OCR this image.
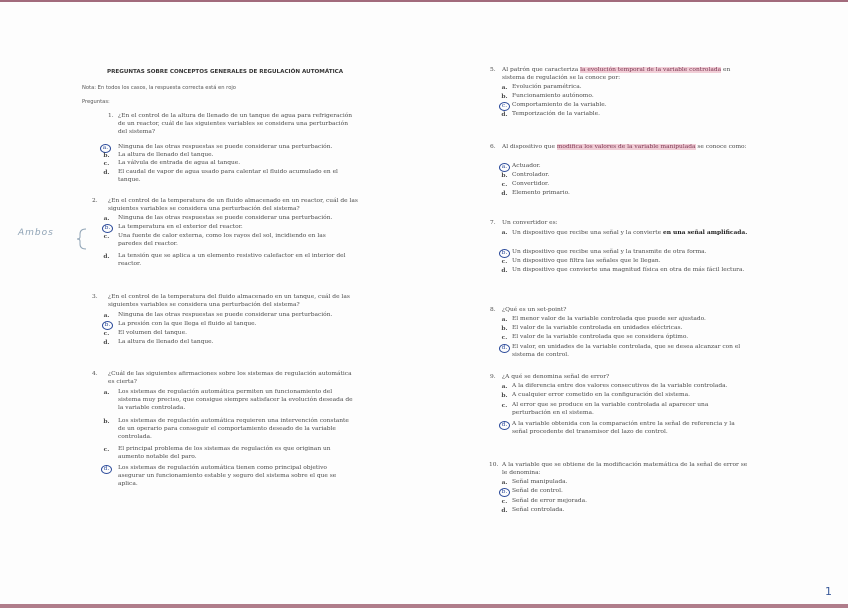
PREGUNTAS SOBRE CONCEPTOS GENERALES DE REGULACIÓN AUTOMÁTICA
Nota: En todos los casos, la respuesta correcta está en rojo
Preguntas:
Ambos
1. ¿En el control de la altura de llenado de un tanque de agua para refrigeración de un reactor, cuál de las siguientes variables se considera una perturbación del sistema?
a.	Ninguna de las otras respuestas se puede considerar una perturbación.
b. La altura de llenado del tanque.
c. La válvula de entrada de agua al tanque.
d. El caudal de vapor de agua usado para calentar el fluido acumulado en el tanque.
2. ¿En el control de la temperatura de un fluido almacenado en un reactor, cuál de las siguientes variables se considera una perturbación del sistema?
a. Ninguna de las otras respuestas se puede considerar una perturbación.
b.	La temperatura en el exterior del reactor.
c. Una fuente de calor externa, como los rayos del sol, incidiendo en las paredes del reactor.
d. La tensión que se aplica a un elemento resistivo calefactor en el interior del reactor.
3. ¿En el control de la temperatura del fluido almacenado en un tanque, cuál de las siguientes variables se considera una perturbación del sistema?
a. Ninguna de las otras respuestas se puede considerar una perturbación.
b.	La presión con la que llega el fluido al tanque.
c. El volumen del tanque.
d. La altura de llenado del tanque.
4. ¿Cuál de las siguientes afirmaciones sobre los sistemas de regulación automática es cierta?
a. Los sistemas de regulación automática permiten un funcionamiento del sistema muy preciso, que consigue siempre satisfacer la evolución deseada de la variable controlada.
b. Los sistemas de regulación automática requieren una intervención constante de un operario para conseguir el comportamiento deseado de la variable controlada.
c. El principal problema de los sistemas de regulación es que originan un aumento notable del paro.
d.	Los sistemas de regulación automática tienen como principal objetivo asegurar un funcionamiento estable y seguro del sistema sobre el que se aplica.
5. Al patrón que caracteriza la evolución temporal de la variable controlada en sistema de regulación se la conoce por:
a. Evolución paramétrica.
b. Funcionamiento autónomo.
c. Comportamiento de la variable.
d. Temporización de la variable.
6. Al dispositivo que modifica los valores de la variable manipulada se conoce como:
a. Actuador.
b. Controlador.
c. Convertidor.
d. Elemento primario.
7. Un convertidor es:
a. Un dispositivo que recibe una señal y la convierte en una señal amplificada.
b. Un dispositivo que recibe una señal y la transmite de otra forma.
c. Un dispositivo que filtra las señales que le llegan.
d. Un dispositivo que convierte una magnitud física en otra de más fácil lectura.
8. ¿Qué es un set-point?
a. El menor valor de la variable controlada que puede ser ajustado.
b. El valor de la variable controlada en unidades eléctricas.
c. El valor de la variable controlada que se considera óptimo.
d. El valor, en unidades de la variable controlada, que se desea alcanzar con el sistema de control.
9. ¿A qué se denomina señal de error?
a. A la diferencia entre dos valores consecutivos de la variable controlada.
b. A cualquier error cometido en la configuración del sistema.
c. Al error que se produce en la variable controlada al aparecer una perturbación en el sistema.
d. A la variable obtenida con la comparación entre la señal de referencia y la señal procedente del transmisor del lazo de control.
10. A la variable que se obtiene de la modificación matemática de la señal de error se le denomina:
a. Señal manipulada.
b. Señal de control.
c. Señal de error mejorada.
d. Señal controlada.
1
